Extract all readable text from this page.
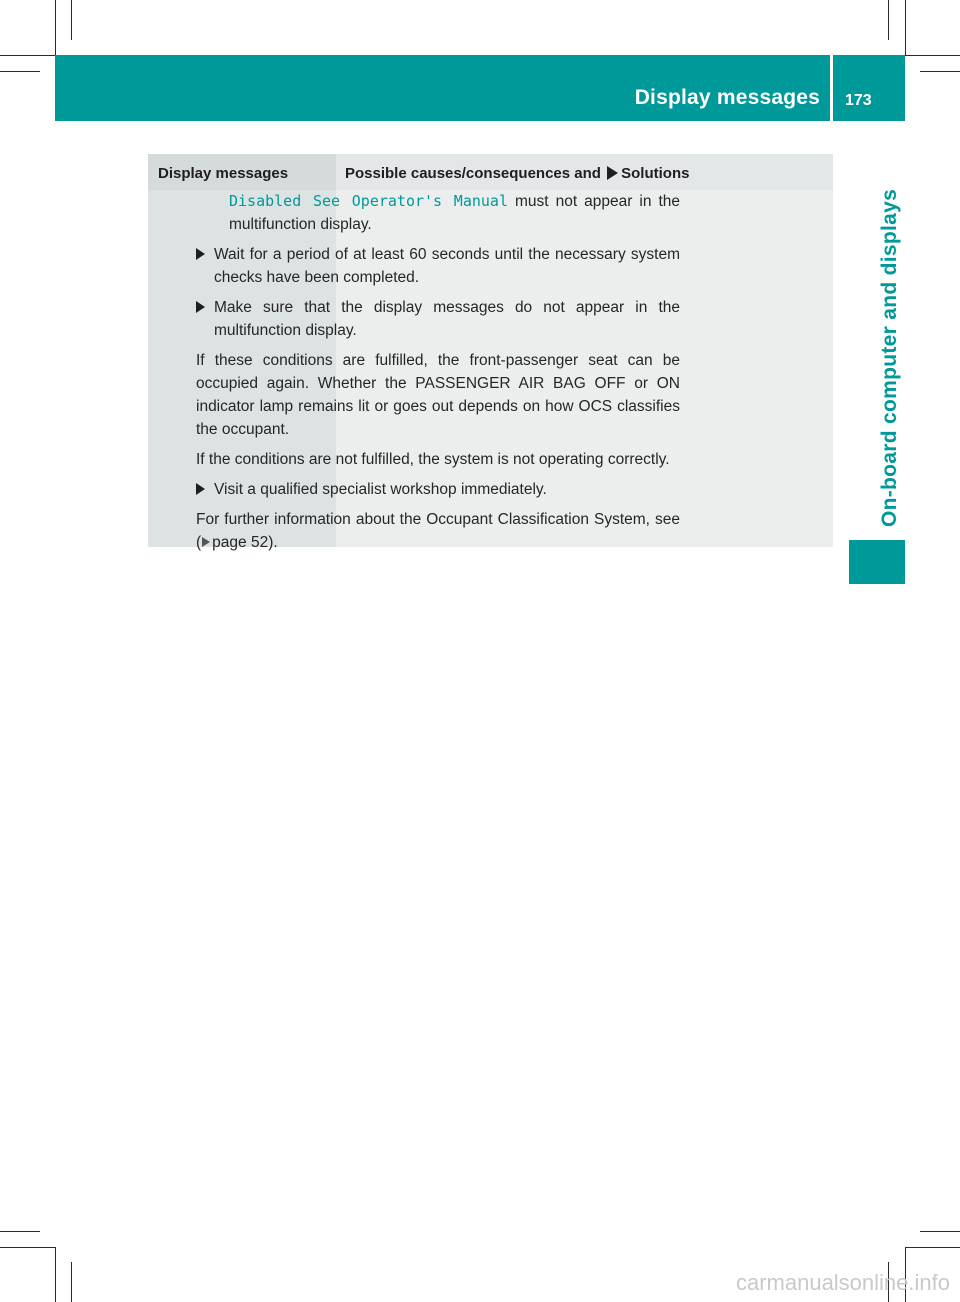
Display messages 173
On-board computer and displays
Display messages	Possible causes/consequences and Solutions

Disabled See Operator's Manual must not appear in the multifunction display.

Wait for a period of at least 60 seconds until the necessary system checks have been completed.

Make sure that the display messages do not appear in the multifunction display.

If these conditions are fulfilled, the front-passenger seat can be occupied again. Whether the PASSENGER AIR BAG OFF or ON indicator lamp remains lit or goes out depends on how OCS classifies the occupant.

If the conditions are not fulfilled, the system is not operating correctly.

Visit a qualified specialist workshop immediately.

For further information about the Occupant Classification System, see ( page 52).

carmanualsonline.info
